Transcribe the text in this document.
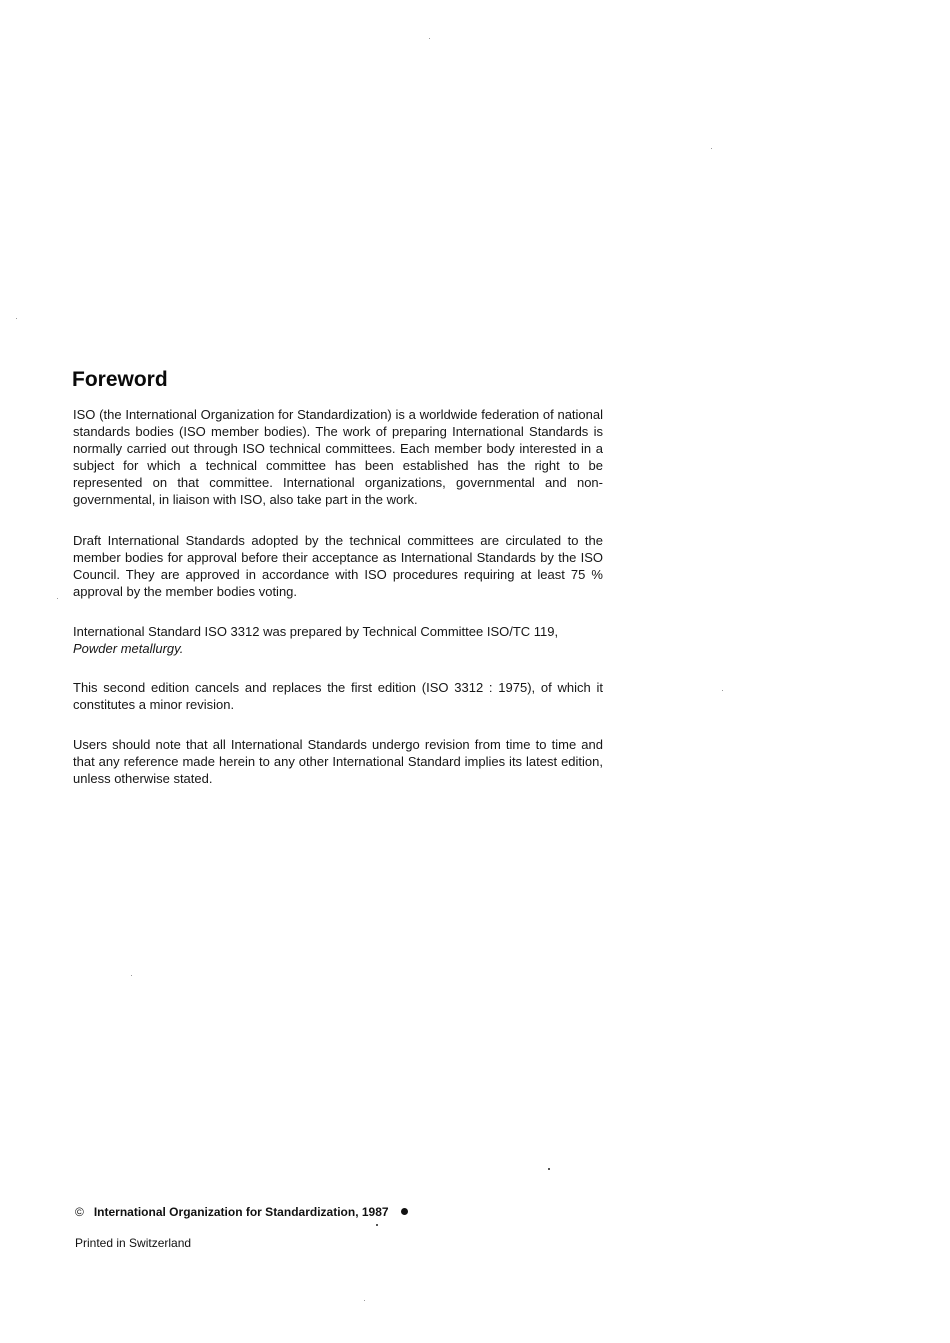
Foreword

ISO (the International Organization for Standardization) is a worldwide federation of national standards bodies (ISO member bodies). The work of preparing International Standards is normally carried out through ISO technical committees. Each member body interested in a subject for which a technical committee has been established has the right to be represented on that committee. International organizations, governmental and non-governmental, in liaison with ISO, also take part in the work.

Draft International Standards adopted by the technical committees are circulated to the member bodies for approval before their acceptance as International Standards by the ISO Council. They are approved in accordance with ISO procedures requiring at least 75 % approval by the member bodies voting.

International Standard ISO 3312 was prepared by Technical Committee ISO/TC 119,
Powder metallurgy.

This second edition cancels and replaces the first edition (ISO 3312 : 1975), of which it constitutes a minor revision.

Users should note that all International Standards undergo revision from time to time and that any reference made herein to any other International Standard implies its latest edition, unless otherwise stated.

© International Organization for Standardization, 1987
Printed in Switzerland
